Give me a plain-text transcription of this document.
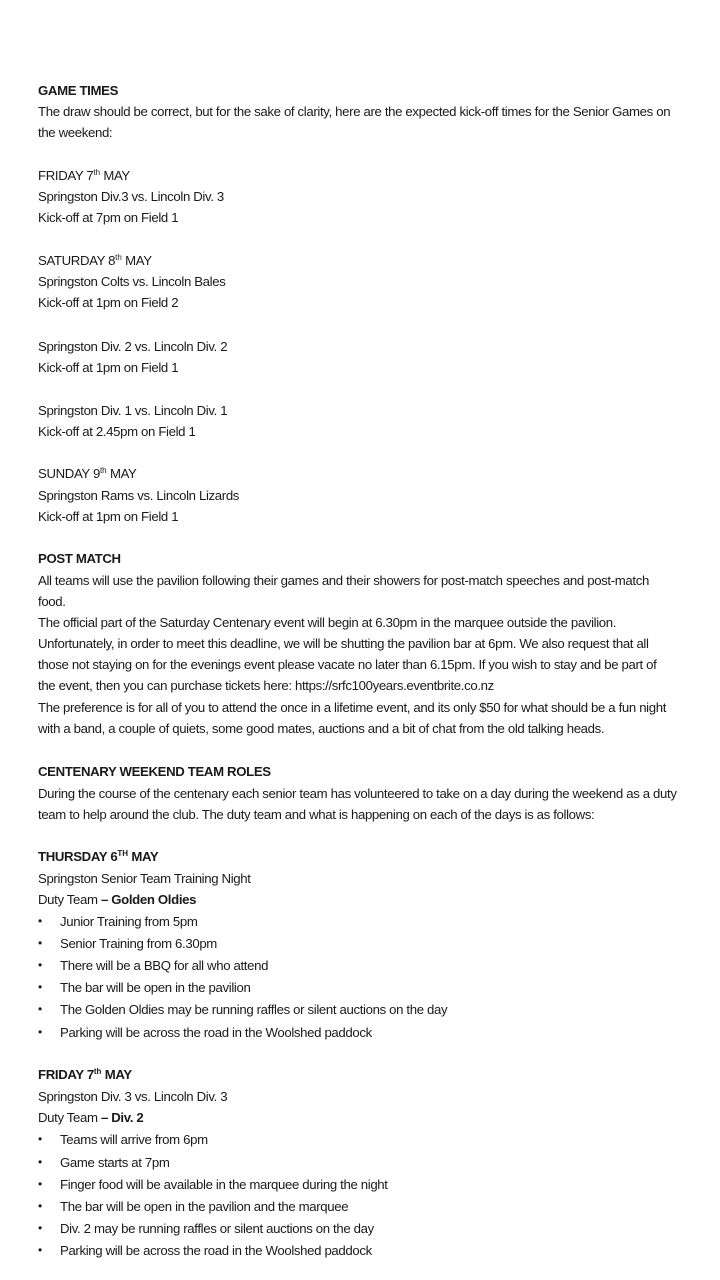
GAME TIMES
The draw should be correct, but for the sake of clarity, here are the expected kick-off times for the Senior Games on
the weekend:
FRIDAY 7th MAY
Springston Div.3 vs. Lincoln Div. 3
Kick-off at 7pm on Field 1
SATURDAY 8th MAY
Springston Colts vs. Lincoln Bales
Kick-off at 1pm on Field 2
Springston Div. 2 vs. Lincoln Div. 2
Kick-off at 1pm on Field 1
Springston Div. 1 vs. Lincoln Div. 1
Kick-off at 2.45pm on Field 1
SUNDAY 9th MAY
Springston Rams vs. Lincoln Lizards
Kick-off at 1pm on Field 1
POST MATCH
All teams will use the pavilion following their games and their showers for post-match speeches and post-match
food.
The official part of the Saturday Centenary event will begin at 6.30pm in the marquee outside the pavilion.
Unfortunately, in order to meet this deadline, we will be shutting the pavilion bar at 6pm. We also request that all
those not staying on for the evenings event please vacate no later than 6.15pm. If you wish to stay and be part of
the event, then you can purchase tickets here: https://srfc100years.eventbrite.co.nz
The preference is for all of you to attend the once in a lifetime event, and its only $50 for what should be a fun night
with a band, a couple of quiets, some good mates, auctions and a bit of chat from the old talking heads.
CENTENARY WEEKEND TEAM ROLES
During the course of the centenary each senior team has volunteered to take on a day during the weekend as a duty
team to help around the club. The duty team and what is happening on each of the days is as follows:
THURSDAY 6TH MAY
Springston Senior Team Training Night
Duty Team – Golden Oldies
• Junior Training from 5pm
• Senior Training from 6.30pm
• There will be a BBQ for all who attend
• The bar will be open in the pavilion
• The Golden Oldies may be running raffles or silent auctions on the day
• Parking will be across the road in the Woolshed paddock
FRIDAY 7th MAY
Springston Div. 3 vs. Lincoln Div. 3
Duty Team – Div. 2
• Teams will arrive from 6pm
• Game starts at 7pm
• Finger food will be available in the marquee during the night
• The bar will be open in the pavilion and the marquee
• Div. 2 may be running raffles or silent auctions on the day
• Parking will be across the road in the Woolshed paddock
